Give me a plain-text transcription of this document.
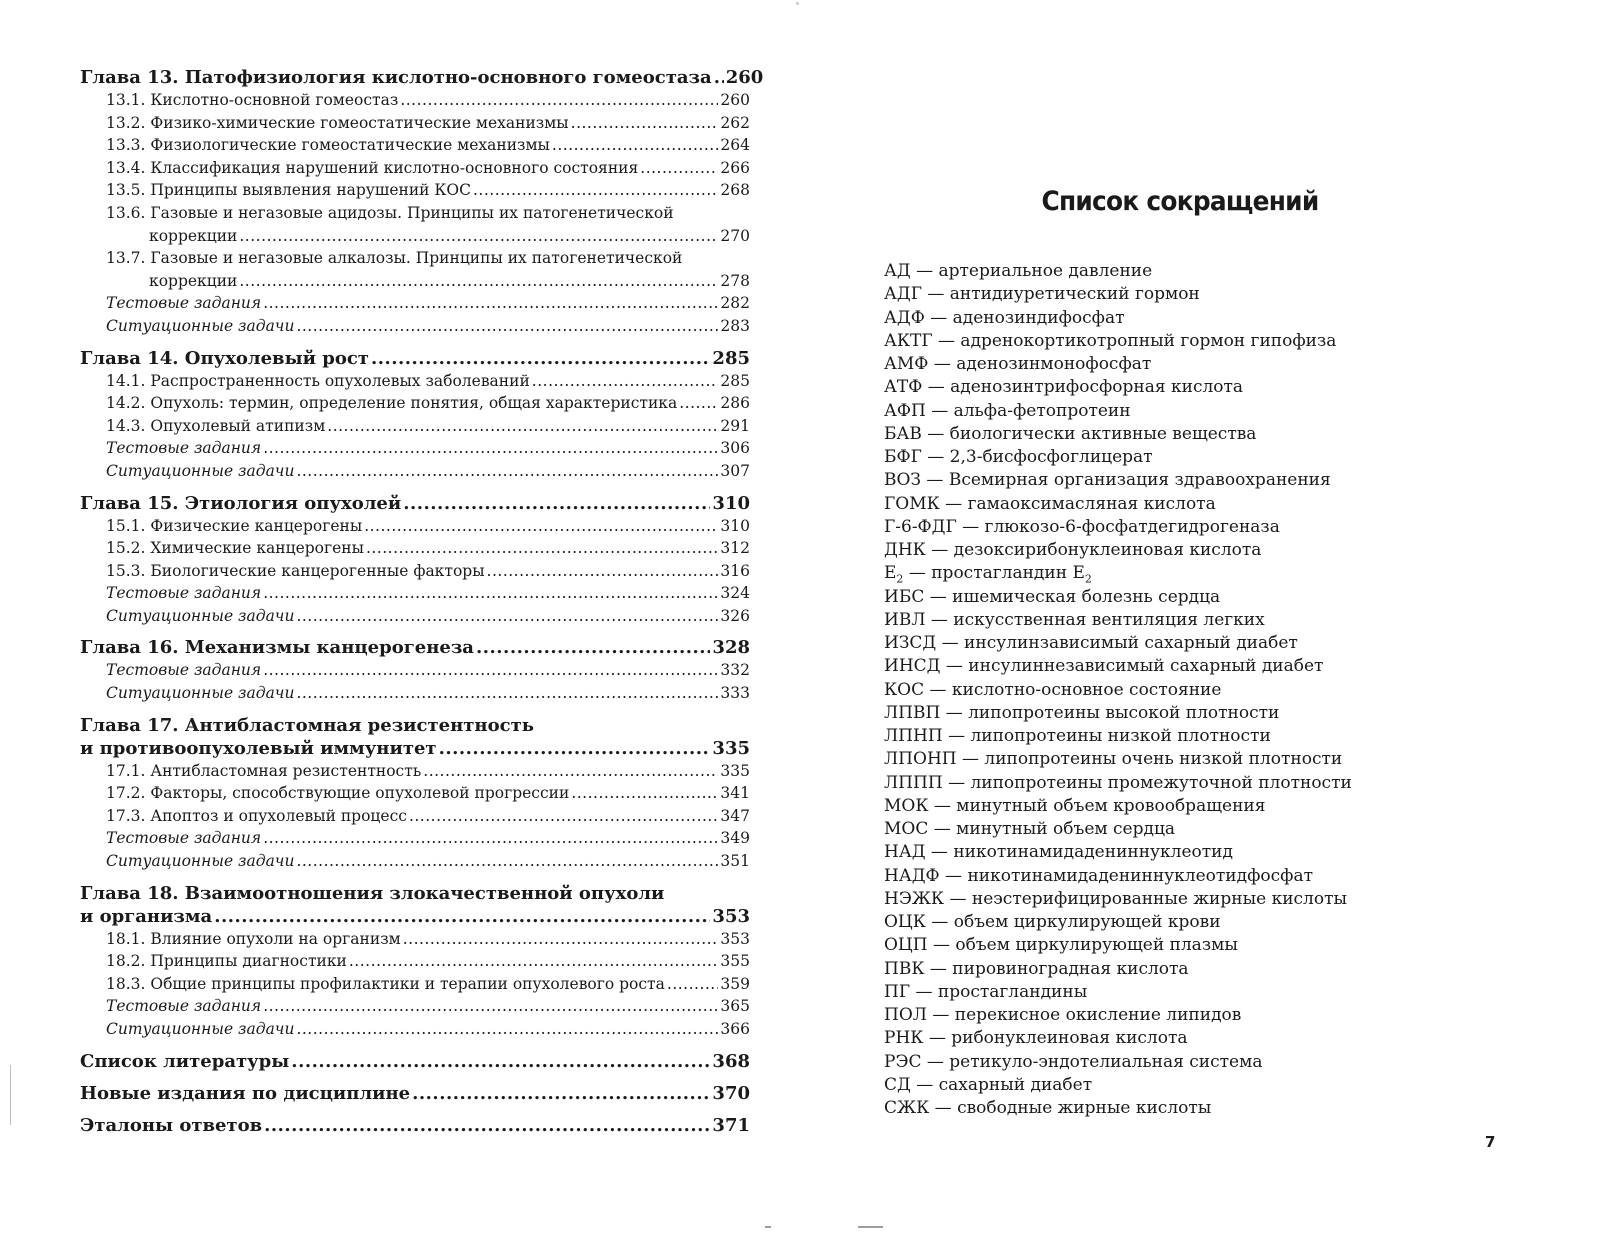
Глава 13. Патофизиология кислотно-основного гомеостаза ..... 260
13.1. Кислотно-основной гомеостаз .....	260
13.2. Физико-химические гомеостатические механизмы .....	262
13.3. Физиологические гомеостатические механизмы .....	264
13.4. Классификация нарушений кислотно-основного состояния .....	266
13.5. Принципы выявления нарушений КОС .....	268
13.6. Газовые и негазовые ацидозы. Принципы их патогенетической
коррекции .....	270
13.7. Газовые и негазовые алкалозы. Принципы их патогенетической
коррекции .....	278
Тестовые задания .....	282
Ситуационные задачи .....	283
Глава 14. Опухолевый рост .....	285
14.1. Распространенность опухолевых заболеваний .....	285
14.2. Опухоль: термин, определение понятия, общая характеристика .....	286
14.3. Опухолевый атипизм .....	291
Тестовые задания .....	306
Ситуационные задачи .....	307
Глава 15. Этиология опухолей .....	310
15.1. Физические канцерогены .....	310
15.2. Химические канцерогены .....	312
15.3. Биологические канцерогенные факторы .....	316
Тестовые задания .....	324
Ситуационные задачи .....	326
Глава 16. Механизмы канцерогенеза .....	328
Тестовые задания .....	332
Ситуационные задачи .....	333
Глава 17. Антибластомная резистентность
и противоопухолевый иммунитет .....	335
17.1. Антибластомная резистентность .....	335
17.2. Факторы, способствующие опухолевой прогрессии .....	341
17.3. Апоптоз и опухолевый процесс .....	347
Тестовые задания .....	349
Ситуационные задачи .....	351
Глава 18. Взаимоотношения злокачественной опухоли
и организма .....	353
18.1. Влияние опухоли на организм .....	353
18.2. Принципы диагностики .....	355
18.3. Общие принципы профилактики и терапии опухолевого роста .....	359
Тестовые задания .....	365
Ситуационные задачи .....	366
Список литературы .....	368
Новые издания по дисциплине .....	370
Эталоны ответов .....	371
Список сокращений
АД — артериальное давление
АДГ — антидиуретический гормон
АДФ — аденозиндифосфат
АКТГ — адренокортикотропный гормон гипофиза
АМФ — аденозинмонофосфат
АТФ — аденозинтрифосфорная кислота
АФП — альфа-фетопротеин
БАВ — биологически активные вещества
БФГ — 2,3-бисфосфоглицерат
ВОЗ — Всемирная организация здравоохранения
ГОМК — гамаоксимасляная кислота
Г-6-ФДГ — глюкозо-6-фосфатдегидрогеназа
ДНК — дезоксирибонуклеиновая кислота
$E_2$ — простагландин $E_2$
ИБС — ишемическая болезнь сердца
ИВЛ — искусственная вентиляция легких
ИЗСД — инсулинзависимый сахарный диабет
ИНСД — инсулиннезависимый сахарный диабет
КОС — кислотно-основное состояние
ЛПВП — липопротеины высокой плотности
ЛПНП — липопротеины низкой плотности
ЛПОНП — липопротеины очень низкой плотности
ЛППП — липопротеины промежуточной плотности
МОК — минутный объем кровообращения
МОС — минутный объем сердца
НАД — никотинамидадениннуклеотид
НАДФ — никотинамидадениннуклеотидфосфат
НЭЖК — неэстерифицированные жирные кислоты
ОЦК — объем циркулирующей крови
ОЦП — объем циркулирующей плазмы
ПВК — пировиноградная кислота
ПГ — простагландины
ПОЛ — перекисное окисление липидов
РНК — рибонуклеиновая кислота
РЭС — ретикуло-эндотелиальная система
СД — сахарный диабет
СЖК — свободные жирные кислоты
7
